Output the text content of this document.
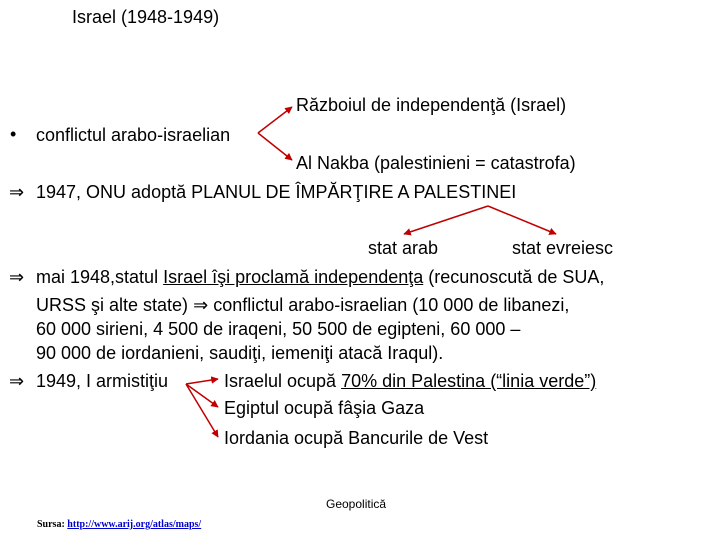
Israel (1948-1949)
Războiul de independenţă (Israel)
• conflictul arabo-israelian
Al Nakba (palestinieni = catastrofa)
⇒ 1947, ONU adoptă PLANUL DE ÎMPĂRŢIRE A PALESTINEI
stat arab	stat evreiesc
⇒ mai 1948,statul Israel îşi proclamă independenţa (recunoscută de SUA,
URSS şi alte state) ⇒ conflictul arabo-israelian (10 000 de libanezi,
60 000 sirieni, 4 500 de iraqeni, 50 500 de egipteni, 60 000 –
90 000 de iordanieni, saudiţi, iemeniţi atacă Iraqul).
⇒ 1949, I armistiţiu	Israelul ocupă 70% din Palestina (“linia verde”)
Egiptul ocupă fâşia Gaza
Iordania ocupă Bancurile de Vest
Geopolitică
Sursa: http://www.arij.org/atlas/maps/
